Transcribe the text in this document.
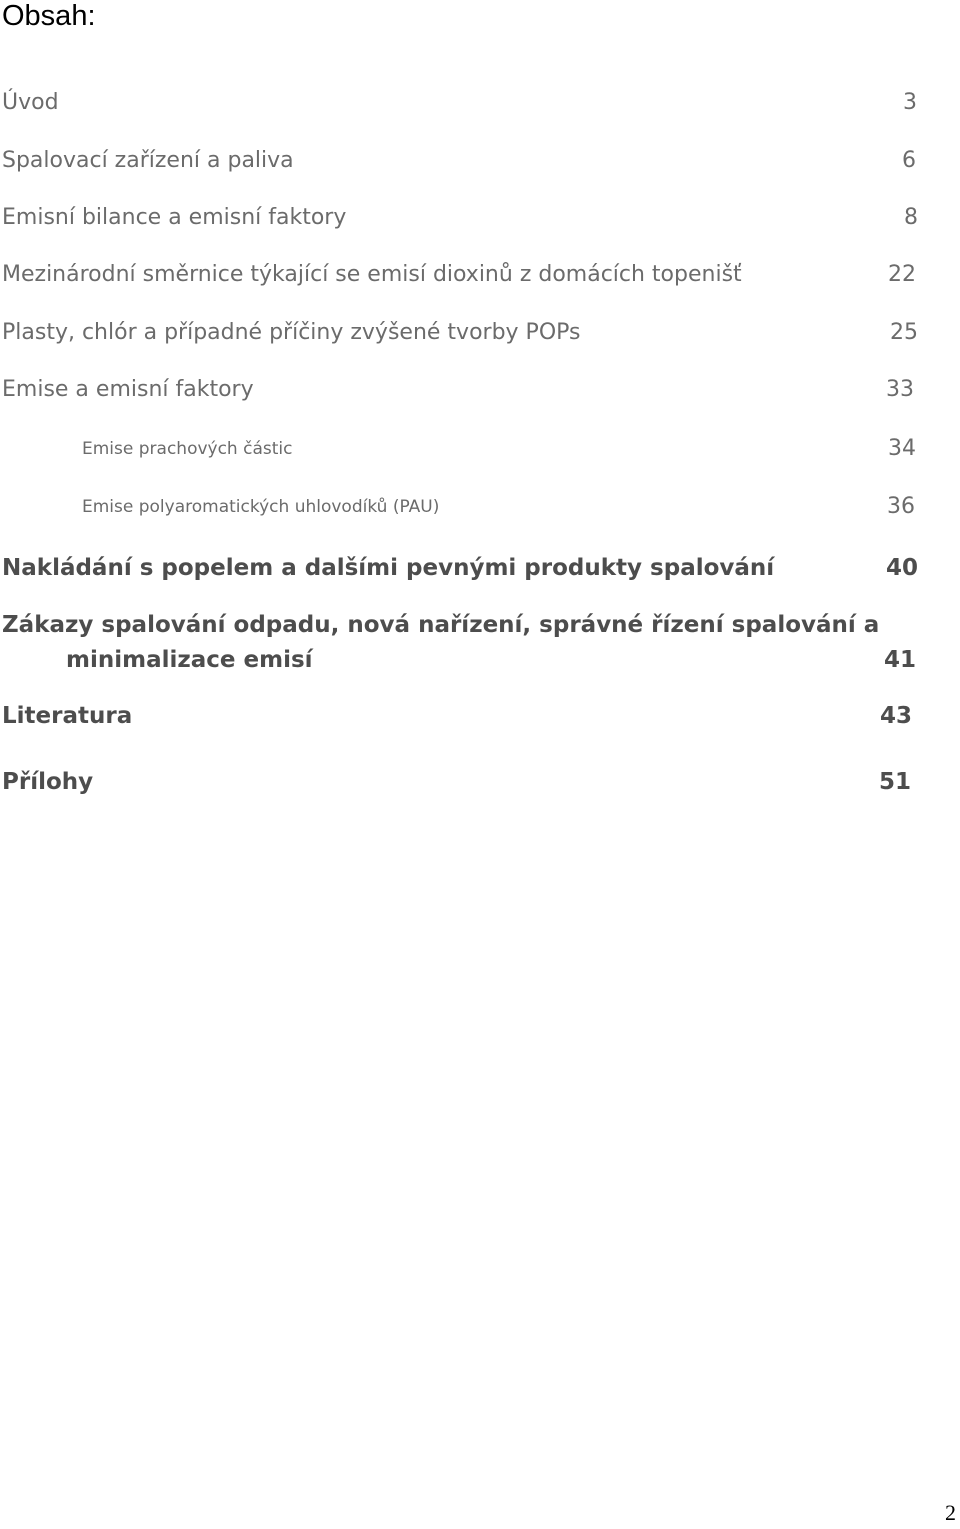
Obsah:
Úvod	3
Spalovací zařízení a paliva	6
Emisní bilance a emisní faktory	8
Mezinárodní směrnice týkající se emisí dioxinů z domácích topenišť	22
Plasty, chlór a případné příčiny zvýšené tvorby POPs	25
Emise a emisní faktory	33
Emise prachových částic	34
Emise polyaromatických uhlovodíků (PAU)	36
Nakládání s popelem a dalšími pevnými produkty spalování	40
Zákazy spalování odpadu, nová nařízení, správné řízení spalování a
minimalizace emisí	41
Literatura	43
Přílohy	51
2
